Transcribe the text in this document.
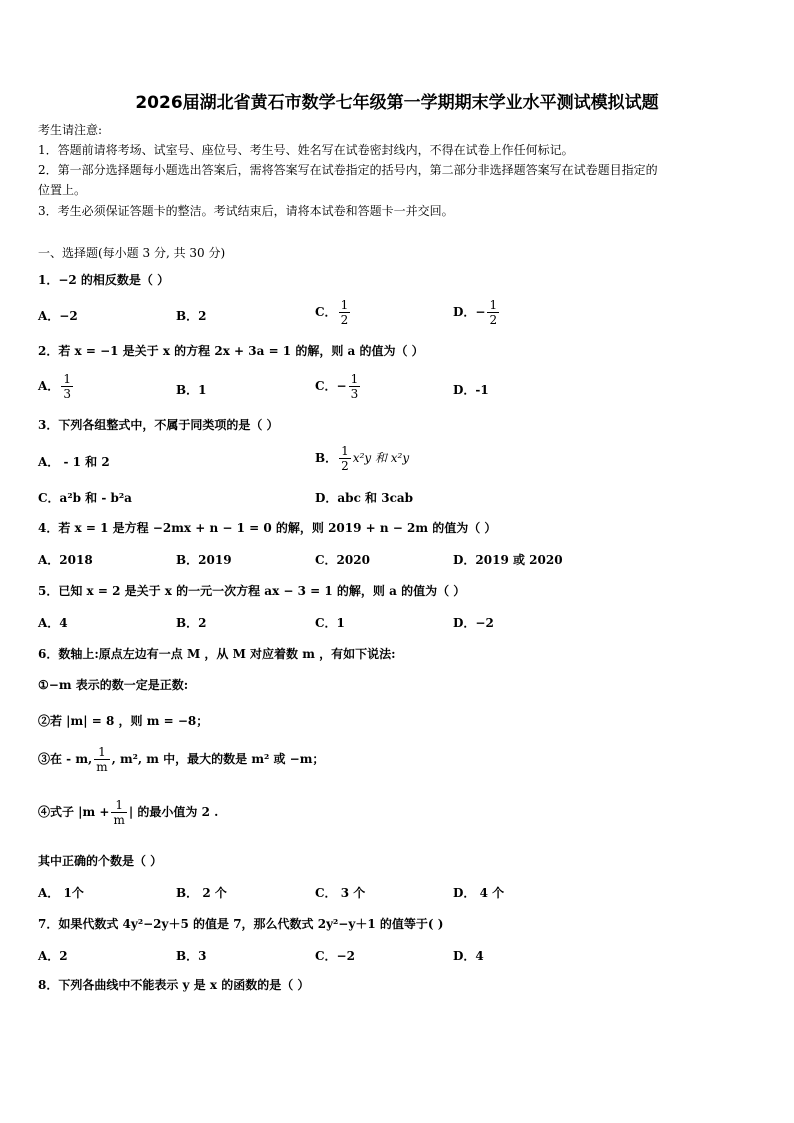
2026届湖北省黄石市数学七年级第一学期期末学业水平测试模拟试题
考生请注意:
1．答题前请将考场、试室号、座位号、考生号、姓名写在试卷密封线内，不得在试卷上作任何标记。
2．第一部分选择题每小题选出答案后，需将答案写在试卷指定的括号内，第二部分非选择题答案写在试卷题目指定的
位置上。
3．考生必须保证答题卡的整洁。考试结束后，请将本试卷和答题卡一并交回。
一、选择题(每小题 3 分, 共 30 分)
1．−2 的相反数是（ ）
A．−2	B．2	C． $\frac{1}{2}$	D．− $\frac{1}{2}$
2．若 x = −1 是关于 x 的方程 2x + 3a = 1 的解，则 a 的值为（ ）
A． $\frac{1}{3}$	B．1	C．− $\frac{1}{3}$	D．-1
3．下列各组整式中，不属于同类项的是（ ）
A． - 1 和 2	B． $\frac{1}{2} x^2y$ 和 x²y
C．a²b 和 - b²a	D．abc 和 3cab
4．若 x = 1 是方程 −2mx + n − 1 = 0 的解，则 2019 + n − 2m 的值为（ ）
A．2018	B．2019	C．2020	D．2019 或 2020
5．已知 x = 2 是关于 x 的一元一次方程 ax − 3 = 1 的解，则 a 的值为（ ）
A．4	B．2	C．1	D．−2
6．数轴上:原点左边有一点 M ，从 M 对应着数 m ，有如下说法:
①−m 表示的数一定是正数:
②若 |m| = 8 ，则 m = −8；
③在 - m, $\frac{1}{m}$ , m², m 中，最大的数是 m² 或 −m；
④式子 $|m + \frac{1}{m}$ | 的最小值为 2 .
其中正确的个数是（ ）
A． 1个	B． 2 个	C． 3 个	D． 4 个
7．如果代数式 4y²−2y＋5 的值是 7，那么代数式 2y²−y＋1 的值等于( )
A．2	B．3	C．−2	D．4
8．下列各曲线中不能表示 y 是 x 的函数的是（ ）
